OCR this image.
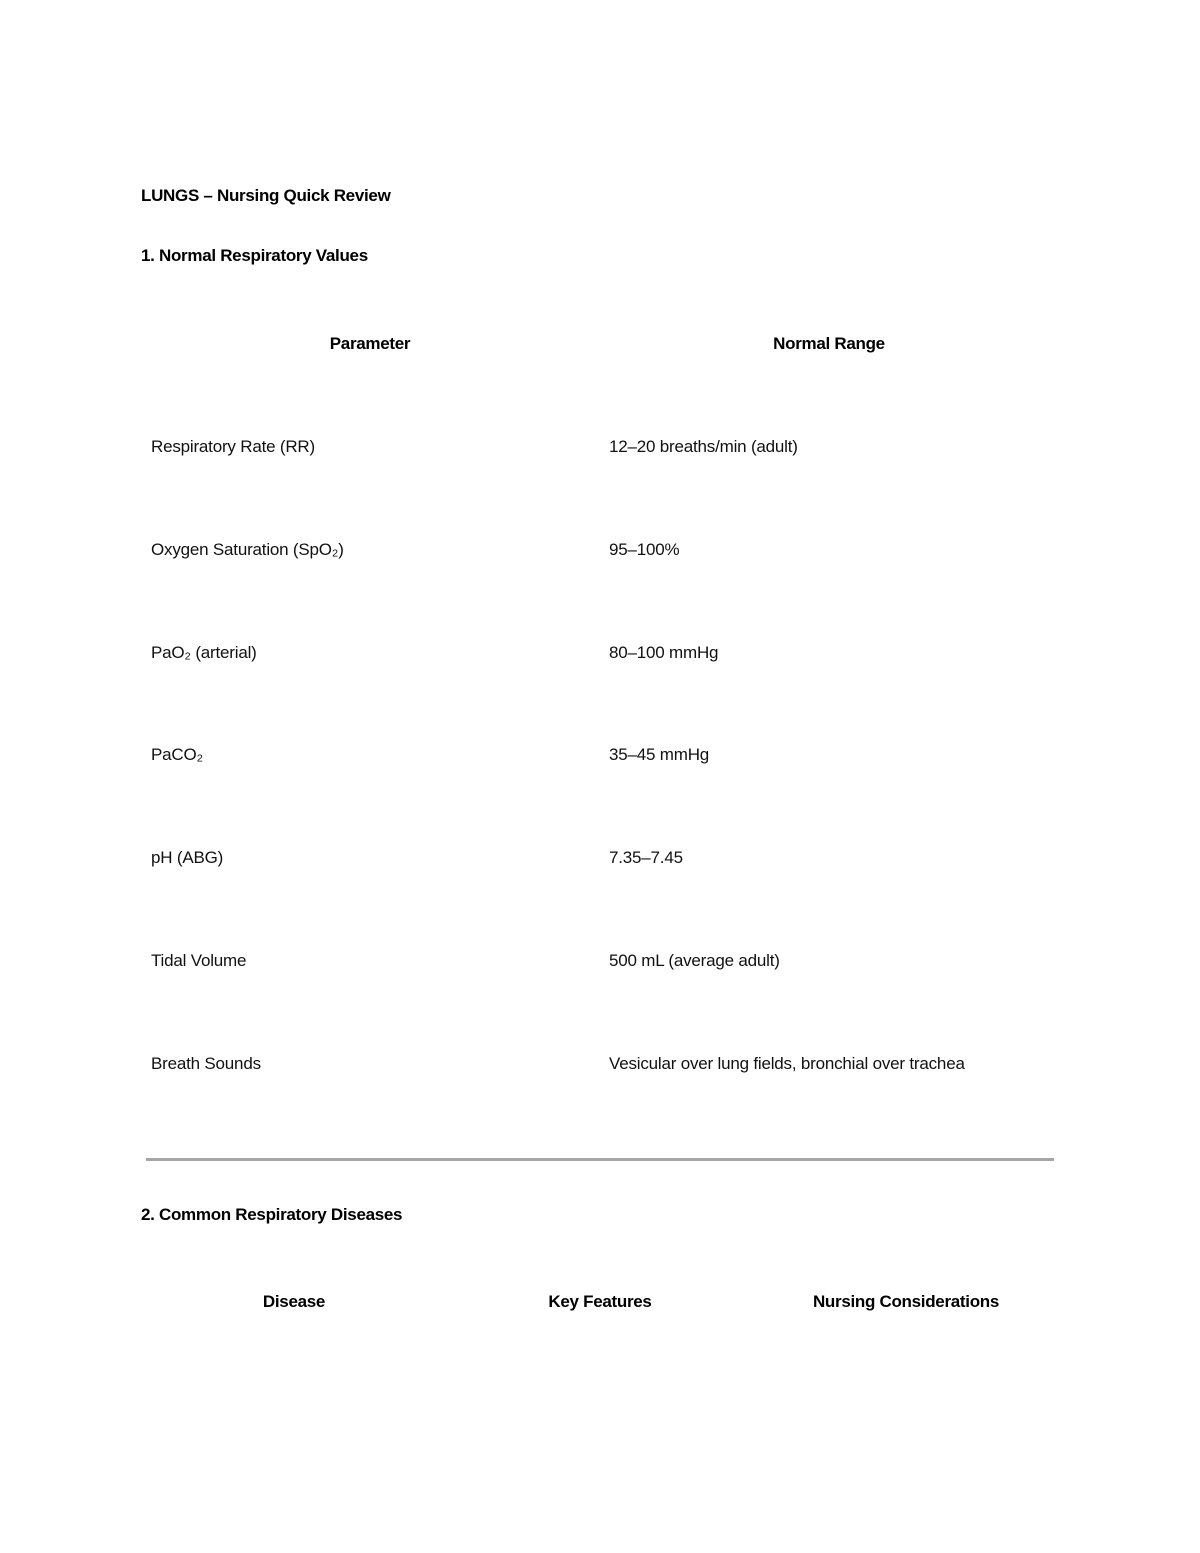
LUNGS – Nursing Quick Review
1. Normal Respiratory Values
Parameter	Normal Range
Respiratory Rate (RR)	12–20 breaths/min (adult)
Oxygen Saturation (SpO₂)	95–100%
PaO₂ (arterial)	80–100 mmHg
PaCO₂	35–45 mmHg
pH (ABG)	7.35–7.45
Tidal Volume	500 mL (average adult)
Breath Sounds	Vesicular over lung fields, bronchial over trachea
2. Common Respiratory Diseases
Disease	Key Features	Nursing Considerations
